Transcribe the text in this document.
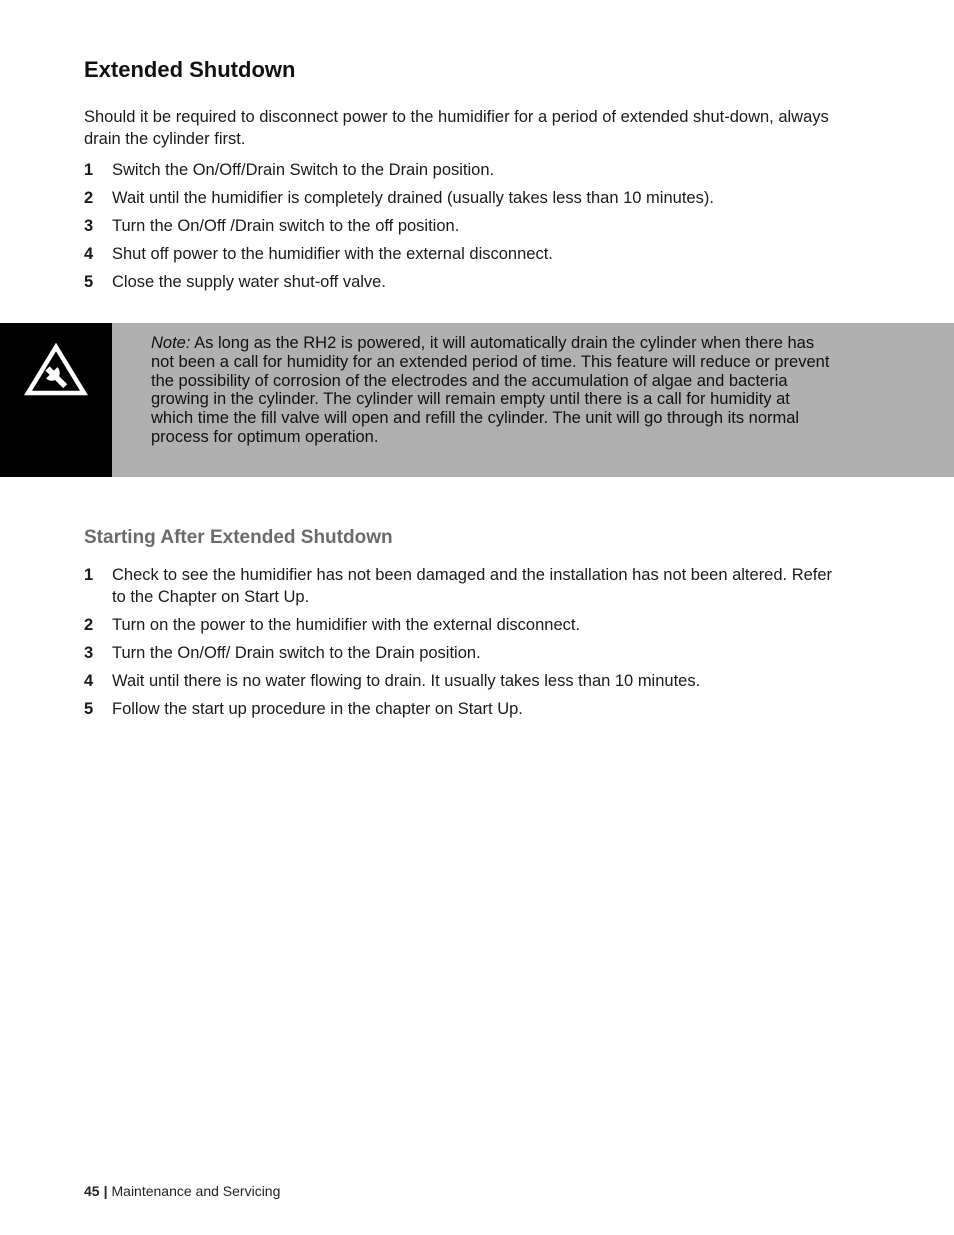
Extended Shutdown
Should it be required to disconnect power to the humidifier for a period of extended shut-down, always drain the cylinder first.
1	Switch the On/Off/Drain Switch to the Drain position.
2	Wait until the humidifier is completely drained (usually takes less than 10 minutes).
3	Turn the On/Off /Drain switch to the off position.
4	Shut off power to the humidifier with the external disconnect.
5	Close the supply water shut-off valve.
Note: As long as the RH2 is powered, it will automatically drain the cylinder when there has not been a call for humidity for an extended period of time. This feature will reduce or prevent the possibility of corrosion of the electrodes and the accumulation of algae and bacteria growing in the cylinder. The cylinder will remain empty until there is a call for humidity at which time the fill valve will open and refill the cylinder. The unit will go through its normal process for optimum operation.
Starting After Extended Shutdown
1	Check to see the humidifier has not been damaged and the installation has not been altered. Refer to the Chapter on Start Up.
2	Turn on the power to the humidifier with the external disconnect.
3	Turn the On/Off/ Drain switch to the Drain position.
4	Wait until there is no water flowing to drain. It usually takes less than 10 minutes.
5	Follow the start up procedure in the chapter on Start Up.
45 | Maintenance and Servicing
